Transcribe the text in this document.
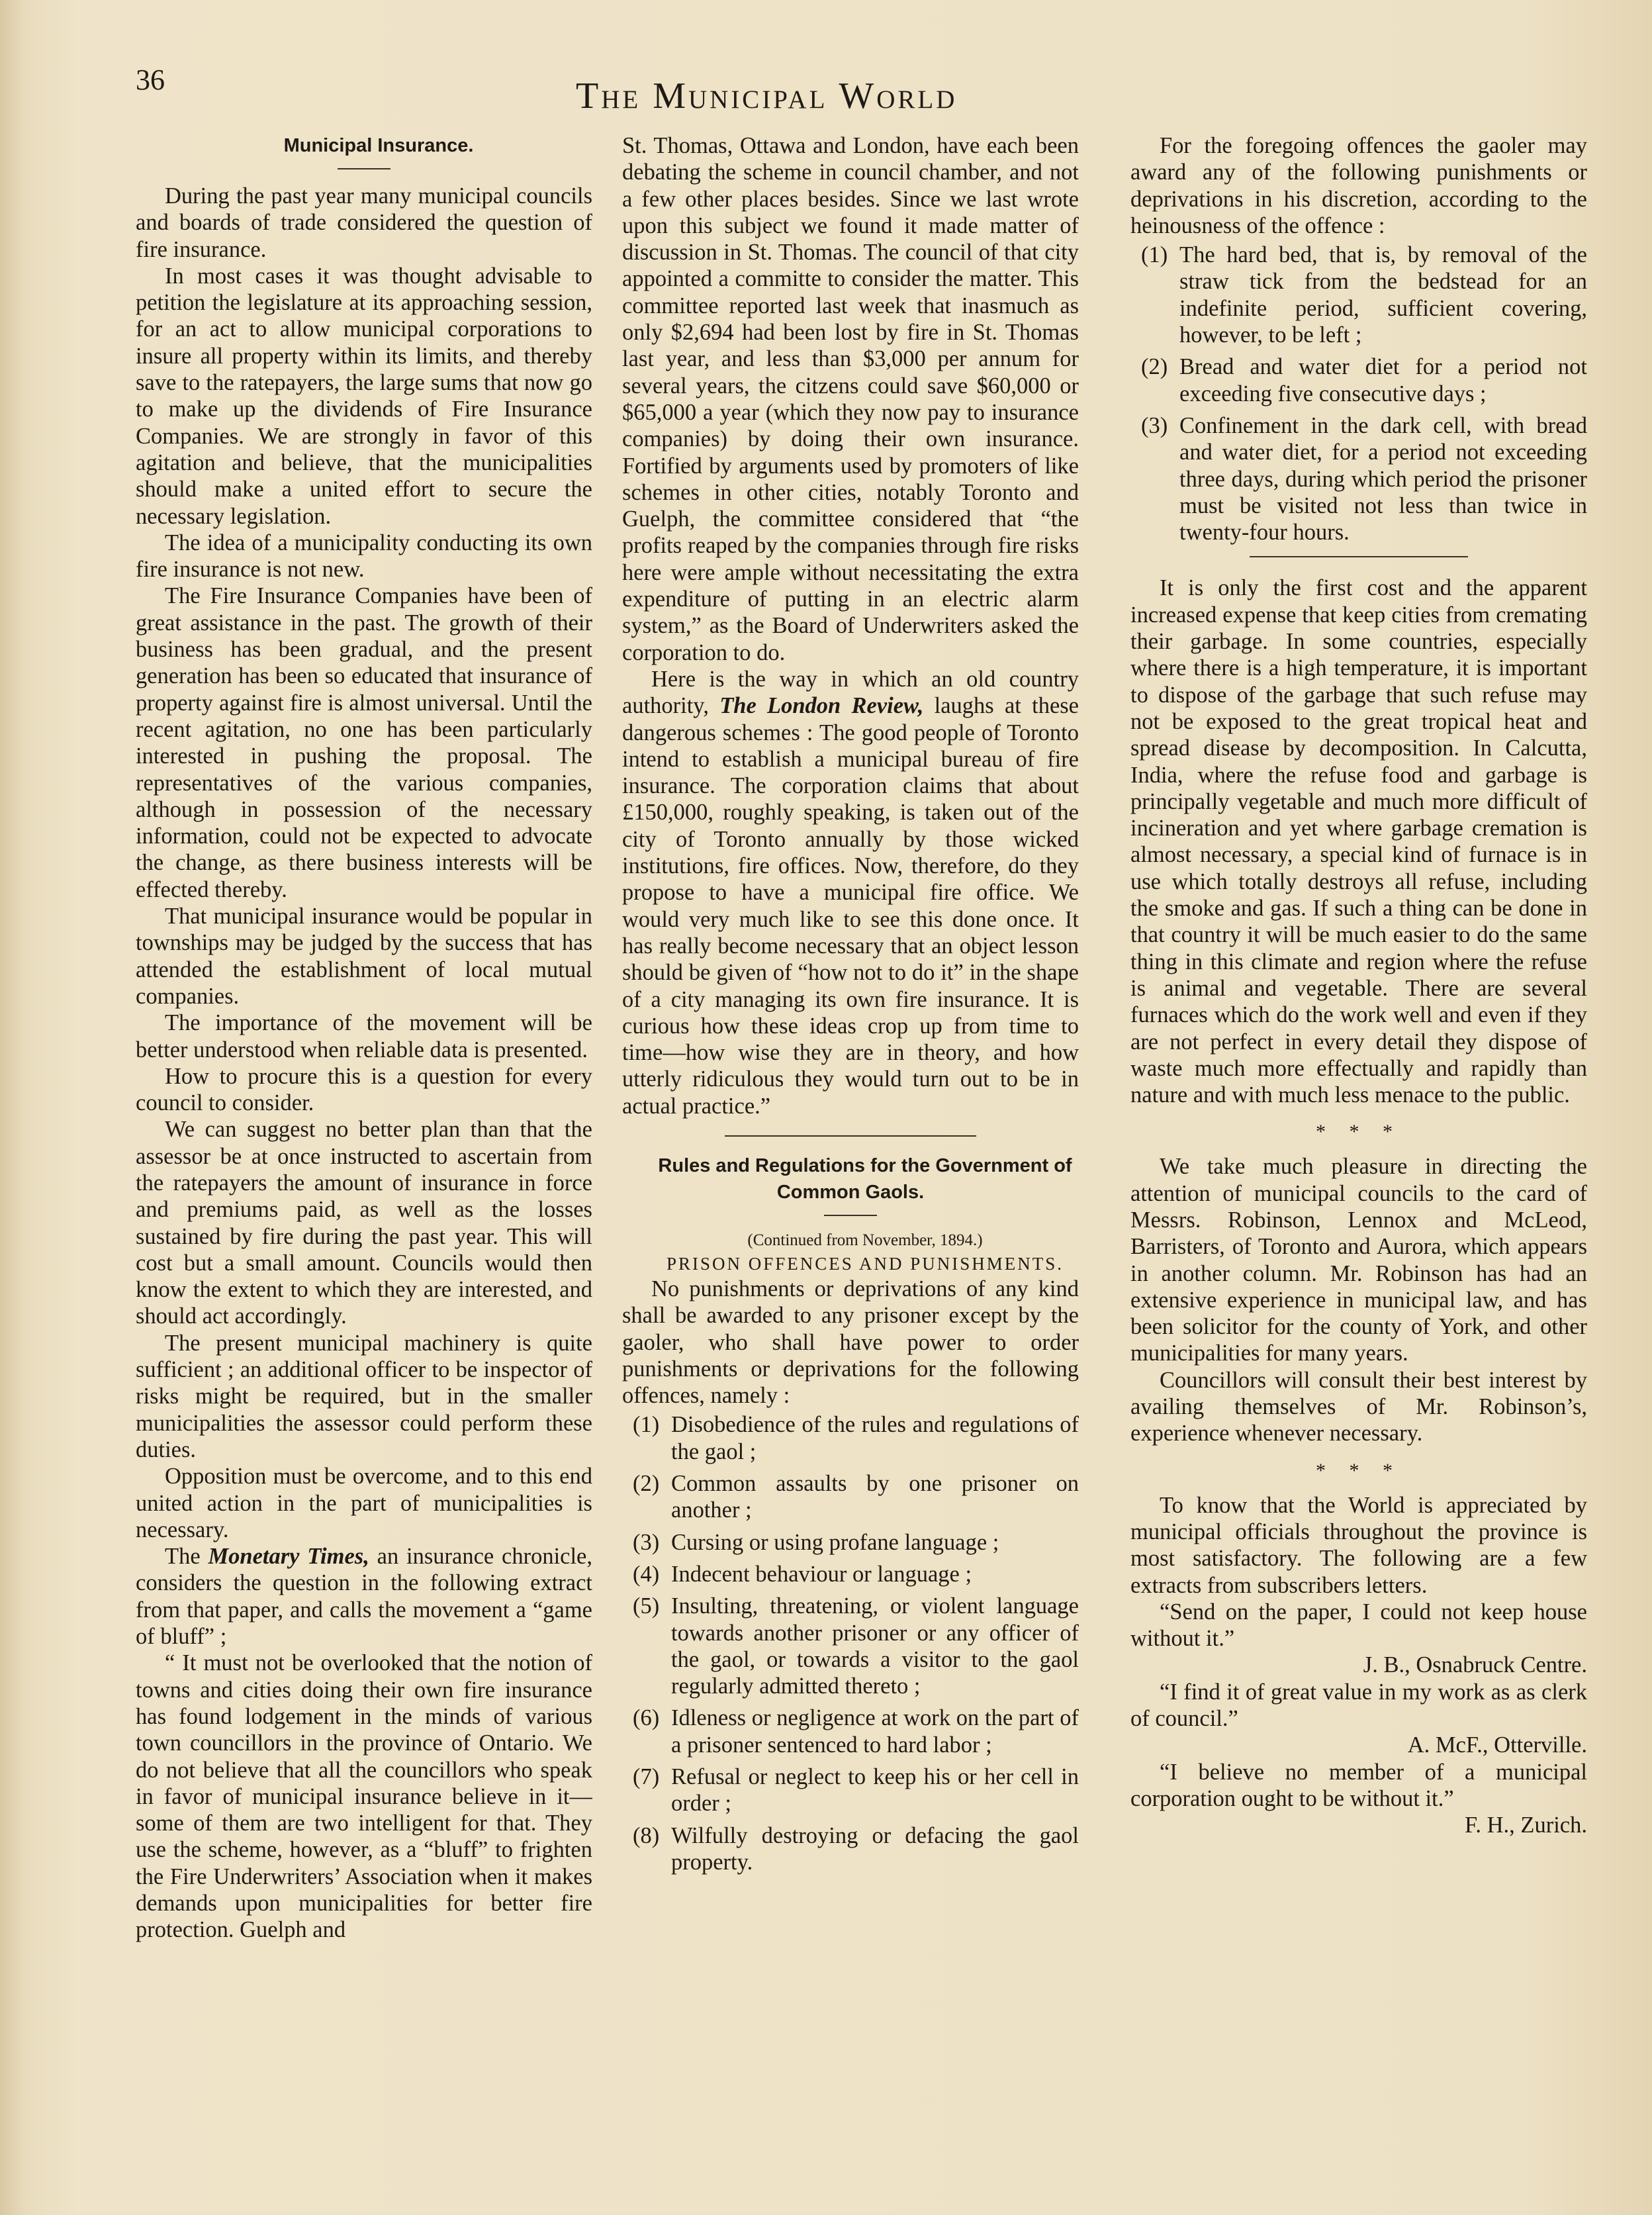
36	The Municipal World

Municipal Insurance.

During the past year many municipal councils and boards of trade considered the question of fire insurance.

In most cases it was thought advisable to petition the legislature at its approaching session, for an act to allow municipal corporations to insure all property within its limits, and thereby save to the ratepayers, the large sums that now go to make up the dividends of Fire Insurance Companies. We are strongly in favor of this agitation and believe, that the municipalities should make a united effort to secure the necessary legislation.

The idea of a municipality conducting its own fire insurance is not new.

The Fire Insurance Companies have been of great assistance in the past. The growth of their business has been gradual, and the present generation has been so educated that insurance of property against fire is almost universal. Until the recent agitation, no one has been particularly interested in pushing the proposal. The representatives of the various companies, although in possession of the necessary information, could not be expected to advocate the change, as there business interests will be effected thereby.

That municipal insurance would be popular in townships may be judged by the success that has attended the establishment of local mutual companies.

The importance of the movement will be better understood when reliable data is presented.

How to procure this is a question for every council to consider.

We can suggest no better plan than that the assessor be at once instructed to ascertain from the ratepayers the amount of insurance in force and premiums paid, as well as the losses sustained by fire during the past year. This will cost but a small amount. Councils would then know the extent to which they are interested, and should act accordingly.

The present municipal machinery is quite sufficient ; an additional officer to be inspector of risks might be required, but in the smaller municipalities the assessor could perform these duties.

Opposition must be overcome, and to this end united action in the part of municipalities is necessary.

The Monetary Times, an insurance chronicle, considers the question in the following extract from that paper, and calls the movement a “game of bluff” ;

“ It must not be overlooked that the notion of towns and cities doing their own fire insurance has found lodgement in the minds of various town councillors in the province of Ontario. We do not believe that all the councillors who speak in favor of municipal insurance believe in it—some of them are two intelligent for that. They use the scheme, however, as a “bluff” to frighten the Fire Underwriters’ Association when it makes demands upon municipalities for better fire protection. Guelph and

St. Thomas, Ottawa and London, have each been debating the scheme in council chamber, and not a few other places besides. Since we last wrote upon this subject we found it made matter of discussion in St. Thomas. The council of that city appointed a committe to consider the matter. This committee reported last week that inasmuch as only $2,694 had been lost by fire in St. Thomas last year, and less than $3,000 per annum for several years, the citzens could save $60,000 or $65,000 a year (which they now pay to insurance companies) by doing their own insurance. Fortified by arguments used by promoters of like schemes in other cities, notably Toronto and Guelph, the committee considered that “the profits reaped by the companies through fire risks here were ample without necessitating the extra expenditure of putting in an electric alarm system,” as the Board of Underwriters asked the corporation to do.

Here is the way in which an old country authority, The London Review, laughs at these dangerous schemes : The good people of Toronto intend to establish a municipal bureau of fire insurance. The corporation claims that about £150,000, roughly speaking, is taken out of the city of Toronto annually by those wicked institutions, fire offices. Now, therefore, do they propose to have a municipal fire office. We would very much like to see this done once. It has really become necessary that an object lesson should be given of “how not to do it” in the shape of a city managing its own fire insurance. It is curious how these ideas crop up from time to time—how wise they are in theory, and how utterly ridiculous they would turn out to be in actual practice.”

Rules and Regulations for the Government of Common Gaols.

(Continued from November, 1894.)

PRISON OFFENCES AND PUNISHMENTS.

No punishments or deprivations of any kind shall be awarded to any prisoner except by the gaoler, who shall have power to order punishments or deprivations for the following offences, namely :

(1) Disobedience of the rules and regulations of the gaol ;
(2) Common assaults by one prisoner on another ;
(3) Cursing or using profane language ;
(4) Indecent behaviour or language ;
(5) Insulting, threatening, or violent language towards another prisoner or any officer of the gaol, or towards a visitor to the gaol regularly admitted thereto ;
(6) Idleness or negligence at work on the part of a prisoner sentenced to hard labor ;
(7) Refusal or neglect to keep his or her cell in order ;
(8) Wilfully destroying or defacing the gaol property.

For the foregoing offences the gaoler may award any of the following punishments or deprivations in his discretion, according to the heinousness of the offence :

(1) The hard bed, that is, by removal of the straw tick from the bedstead for an indefinite period, sufficient covering, however, to be left ;
(2) Bread and water diet for a period not exceeding five consecutive days ;
(3) Confinement in the dark cell, with bread and water diet, for a period not exceeding three days, during which period the prisoner must be visited not less than twice in twenty-four hours.

It is only the first cost and the apparent increased expense that keep cities from cremating their garbage. In some countries, especially where there is a high temperature, it is important to dispose of the garbage that such refuse may not be exposed to the great tropical heat and spread disease by decomposition. In Calcutta, India, where the refuse food and garbage is principally vegetable and much more difficult of incineration and yet where garbage cremation is almost necessary, a special kind of furnace is in use which totally destroys all refuse, including the smoke and gas. If such a thing can be done in that country it will be much easier to do the same thing in this climate and region where the refuse is animal and vegetable. There are several furnaces which do the work well and even if they are not perfect in every detail they dispose of waste much more effectually and rapidly than nature and with much less menace to the public.

* * *

We take much pleasure in directing the attention of municipal councils to the card of Messrs. Robinson, Lennox and McLeod, Barristers, of Toronto and Aurora, which appears in another column. Mr. Robinson has had an extensive experience in municipal law, and has been solicitor for the county of York, and other municipalities for many years.

Councillors will consult their best interest by availing themselves of Mr. Robinson’s, experience whenever necessary.

* * *

To know that the World is appreciated by municipal officials throughout the province is most satisfactory. The following are a few extracts from subscribers letters.

“Send on the paper, I could not keep house without it.”

J. B., Osnabruck Centre.

“I find it of great value in my work as as clerk of council.”

A. McF., Otterville.

“I believe no member of a municipal corporation ought to be without it.”

F. H., Zurich.
